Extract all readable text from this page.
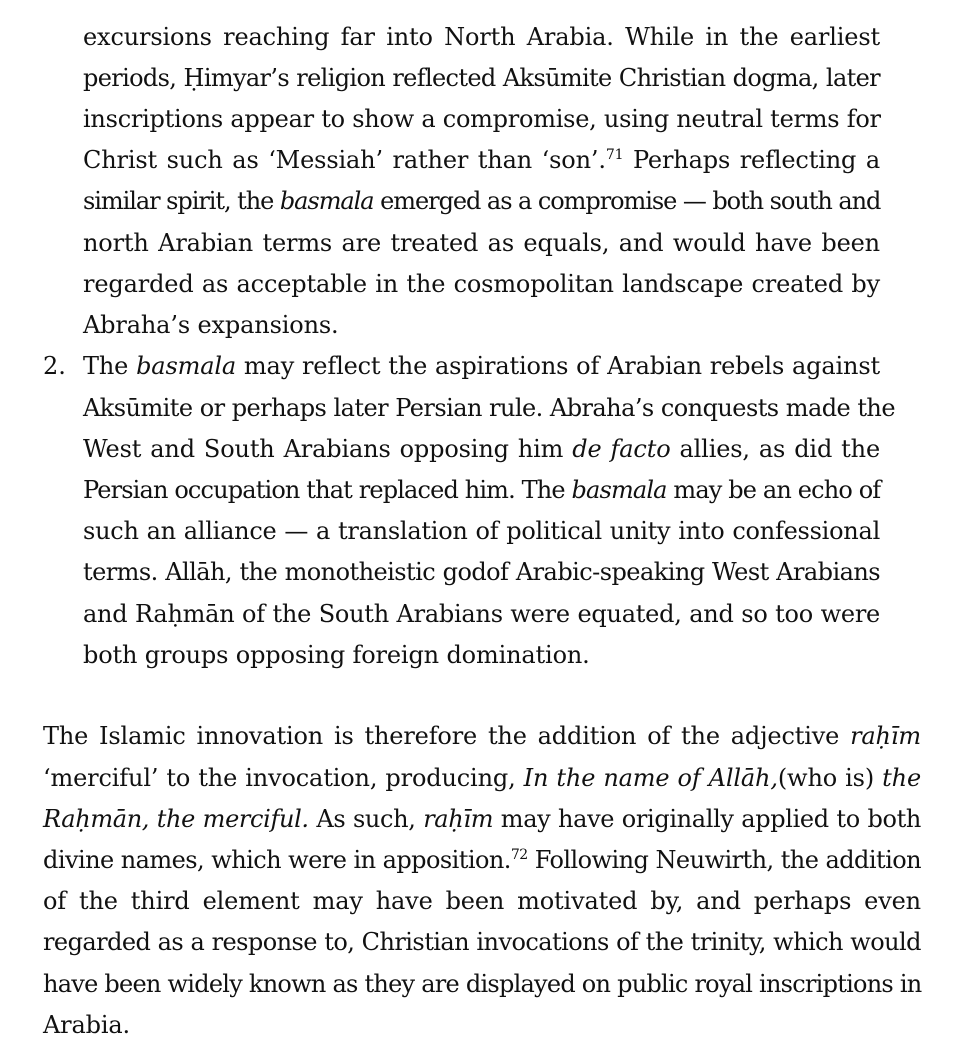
excursions reaching far into North Arabia. While in the earliest
periods, Ḥimyar’s religion reflected Aksūmite Christian dogma, later
inscriptions appear to show a compromise, using neutral terms for
Christ such as ‘Messiah’ rather than ‘son’.$^{71}$ Perhaps reflecting a
similar spirit, the basmala emerged as a compromise — both south and
north Arabian terms are treated as equals, and would have been
regarded as acceptable in the cosmopolitan landscape created by
Abraha’s expansions.
2. The basmala may reflect the aspirations of Arabian rebels against
Aksūmite or perhaps later Persian rule. Abraha’s conquests made the
West and South Arabians opposing him de facto allies, as did the
Persian occupation that replaced him. The basmala may be an echo of
such an alliance — a translation of political unity into confessional
terms. Allāh, the monotheistic godof Arabic-speaking West Arabians
and Raḥmān of the South Arabians were equated, and so too were
both groups opposing foreign domination.
The Islamic innovation is therefore the addition of the adjective raḥīm
‘merciful’ to the invocation, producing, In the name of Allāh,(who is) the
Raḥmān, the merciful. As such, raḥīm may have originally applied to both
divine names, which were in apposition.$^{72}$ Following Neuwirth, the addition
of the third element may have been motivated by, and perhaps even
regarded as a response to, Christian invocations of the trinity, which would
have been widely known as they are displayed on public royal inscriptions in
Arabia.
